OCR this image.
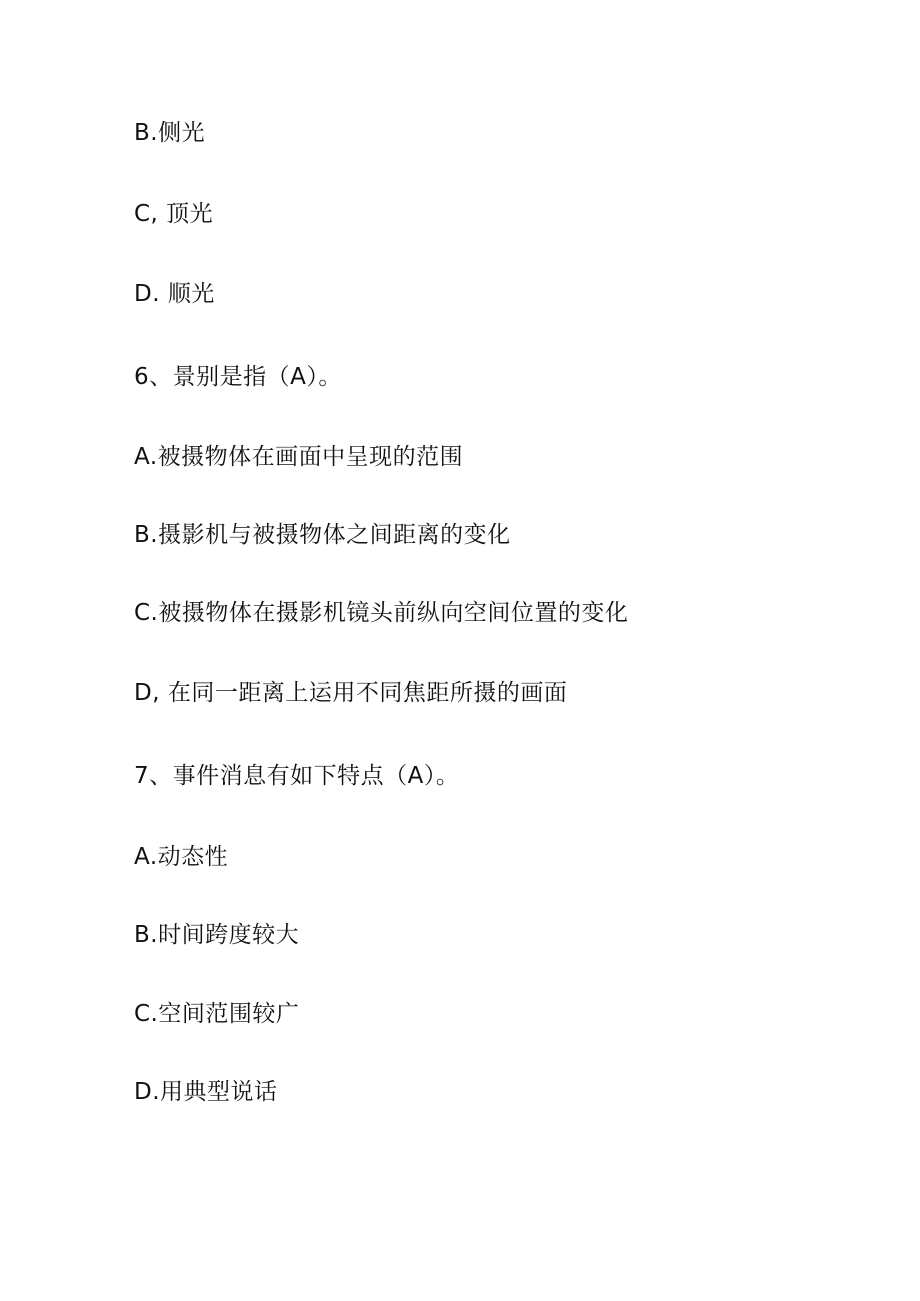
B.侧光
C, 顶光
D. 顺光
6、景别是指（A）。
A.被摄物体在画面中呈现的范围
B.摄影机与被摄物体之间距离的变化
C.被摄物体在摄影机镜头前纵向空间位置的变化
D, 在同一距离上运用不同焦距所摄的画面
7、事件消息有如下特点（A）。
A.动态性
B.时间跨度较大
C.空间范围较广
D.用典型说话
